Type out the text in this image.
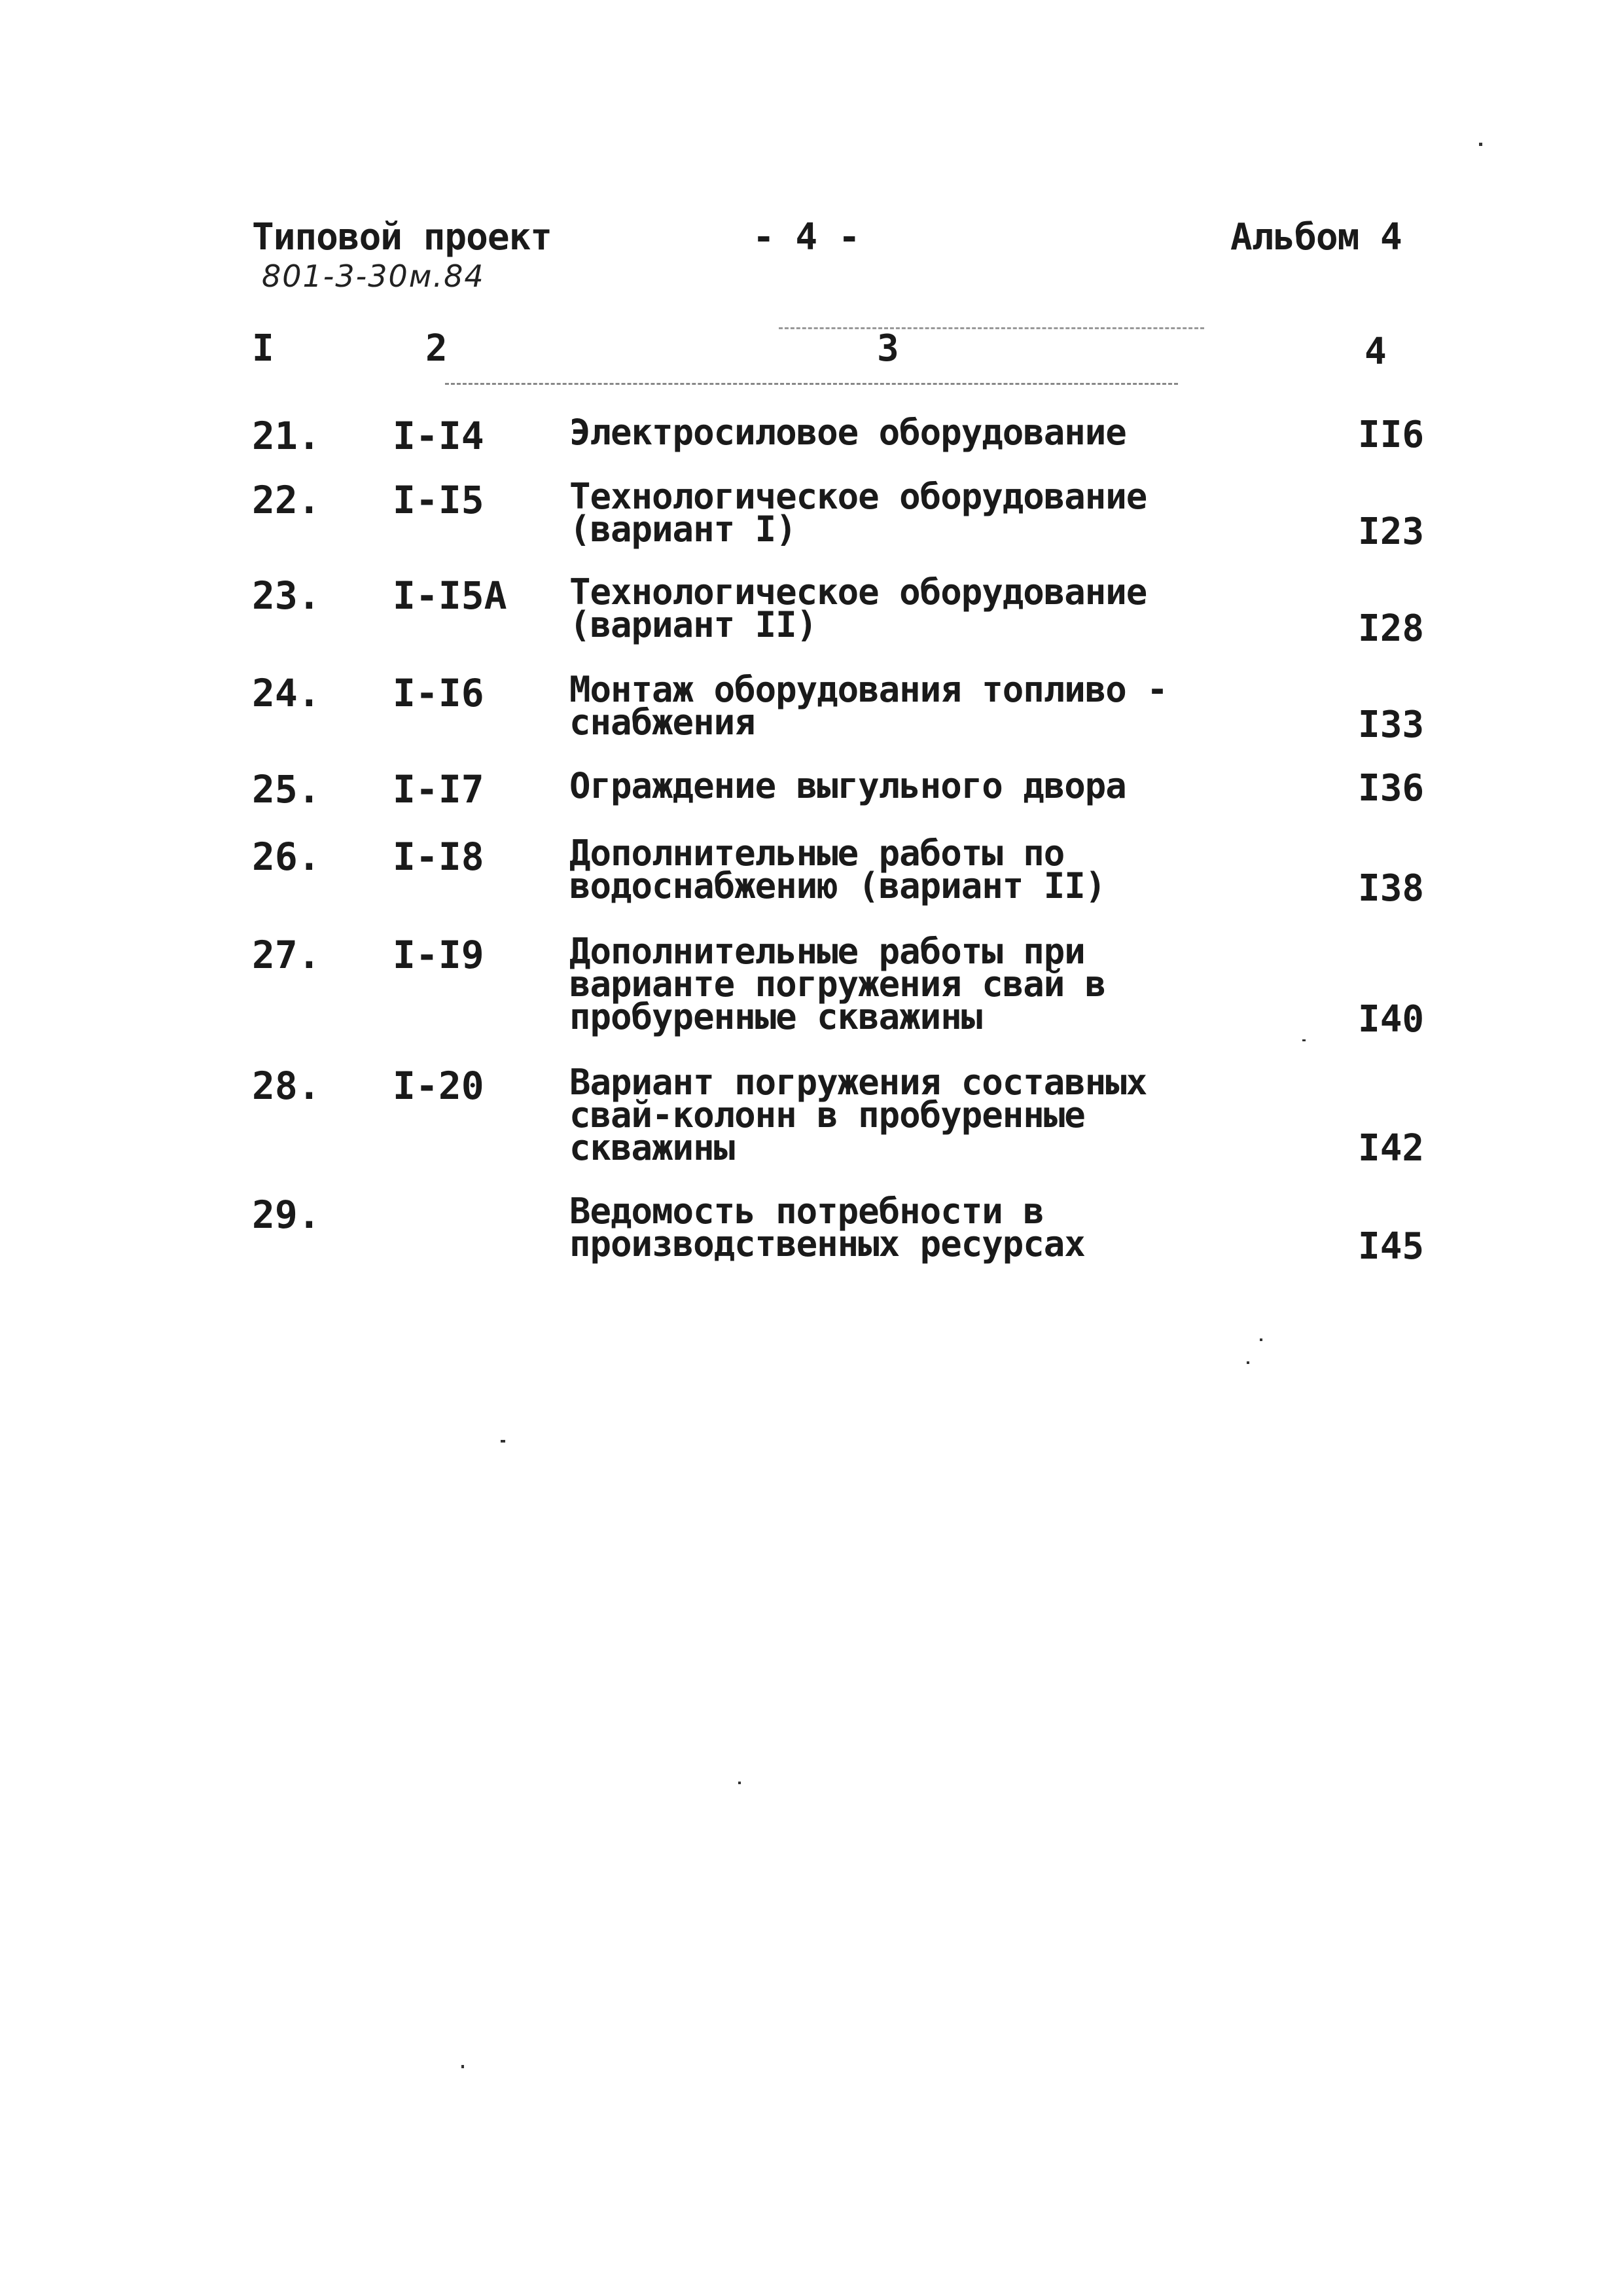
Типовой проект
801-3-30м.84
- 4 -	Альбом 4
I	2	3	4
21. I-I4 Электросиловое оборудование	II6
22. I-I5 Технологическое оборудование
(вариант I)	I23
23. I-I5A Технологическое оборудование
(вариант II)	I28
24. I-I6 Монтаж оборудования топливо -
снабжения	I33
25. I-I7 Ограждение выгульного двора	I36
26. I-I8 Дополнительные работы по
водоснабжению (вариант II)	I38
27. I-I9 Дополнительные работы при
варианте погружения свай в
пробуренные скважины	I40
28. I-20 Вариант погружения составных
свай-колонн в пробуренные
скважины	I42
29.	Ведомость потребности в
производственных ресурсах	I45
